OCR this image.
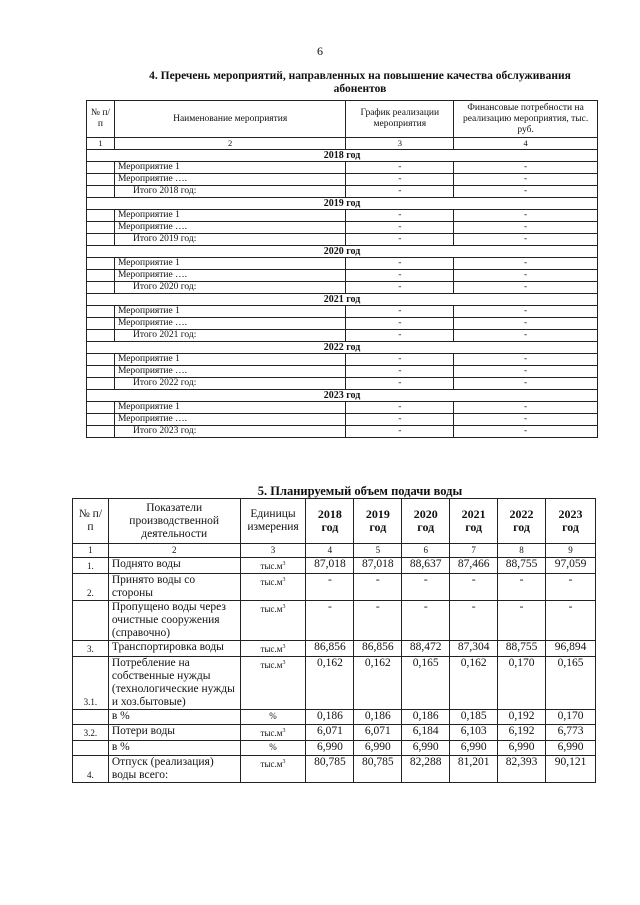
6
4. Перечень мероприятий, направленных на повышение качества обслуживания
абонентов
№ п/п	Наименование мероприятия	График реализации мероприятия	Финансовые потребности на реализацию мероприятия, тыс. руб.
1	2	3	4
2018 год			
	Мероприятие 1	-	-
	Мероприятие ….	-	-
	Итого 2018 год:	-	-
2019 год			
	Мероприятие 1	-	-
	Мероприятие ….	-	-
	Итого 2019 год:	-	-
2020 год			
	Мероприятие 1	-	-
	Мероприятие ….	-	-
	Итого 2020 год:	-	-
2021 год			
	Мероприятие 1	-	-
	Мероприятие ….	-	-
	Итого 2021 год:	-	-
2022 год			
	Мероприятие 1	-	-
	Мероприятие ….	-	-
	Итого 2022 год:	-	-
2023 год			
	Мероприятие 1	-	-
	Мероприятие ….	-	-
	Итого 2023 год:	-	-
5. Планируемый объем подачи воды
№ п/п	Показатели производственной деятельности	Единицы измерения	2018 год	2019 год	2020 год	2021 год	2022 год	2023 год
1	2	3	4	5	6	7	8	9
1.	Поднято воды	$тыс.м^3$	87,018	87,018	88,637	87,466	88,755	97,059
2.	Принято воды со стороны	$тыс.м^3$	-	-	-	-	-	-
	Пропущено воды через очистные сооружения (справочно)	$тыс.м^3$	-	-	-	-	-	-
3.	Транспортировка воды	$тыс.м^3$	86,856	86,856	88,472	87,304	88,755	96,894
3.1.	Потребление на собственные нужды (технологические нужды и хоз.бытовые)	$тыс.м^3$	0,162	0,162	0,165	0,162	0,170	0,165
	в %	%	0,186	0,186	0,186	0,185	0,192	0,170
3.2.	Потери воды	$тыс.м^3$	6,071	6,071	6,184	6,103	6,192	6,773
	в %	%	6,990	6,990	6,990	6,990	6,990	6,990
4.	Отпуск (реализация) воды всего:	$тыс.м^3$	80,785	80,785	82,288	81,201	82,393	90,121
